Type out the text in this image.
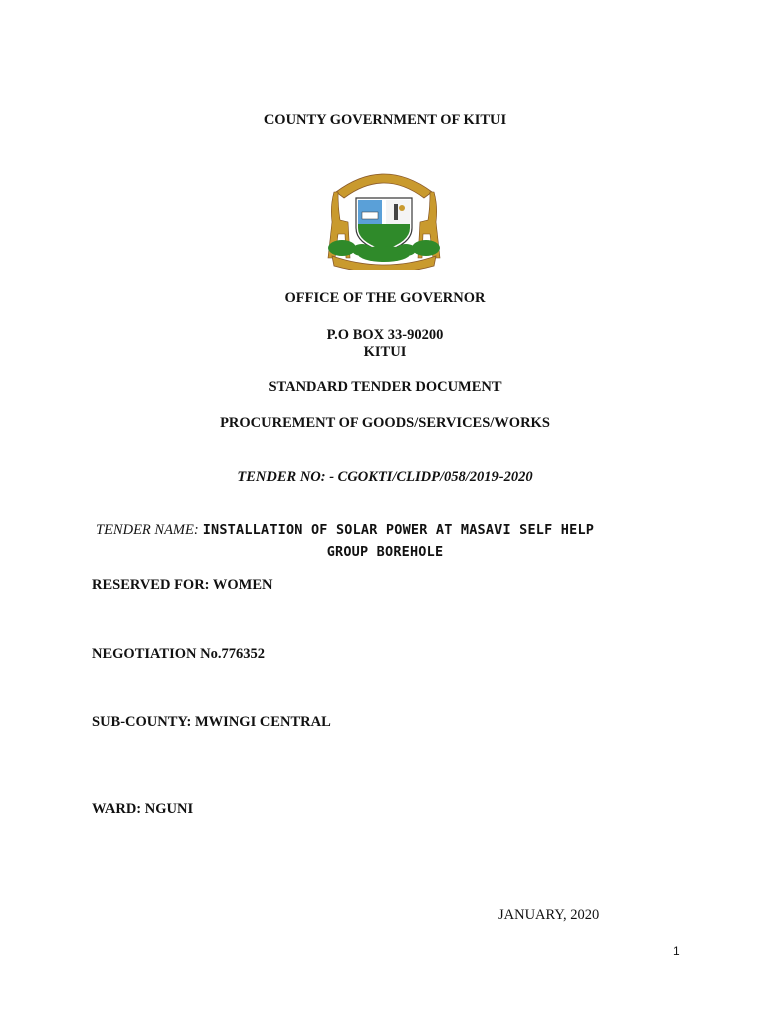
COUNTY GOVERNMENT OF KITUI
OFFICE OF THE GOVERNOR
P.O BOX 33-90200
KITUI
STANDARD TENDER DOCUMENT
PROCUREMENT OF GOODS/SERVICES/WORKS
TENDER NO: - CGOKTI/CLIDP/058/2019-2020
TENDER NAME: INSTALLATION OF SOLAR POWER AT MASAVI SELF HELP
GROUP BOREHOLE
RESERVED FOR: WOMEN
NEGOTIATION No.776352
SUB-COUNTY: MWINGI CENTRAL
WARD: NGUNI
JANUARY, 2020
1
